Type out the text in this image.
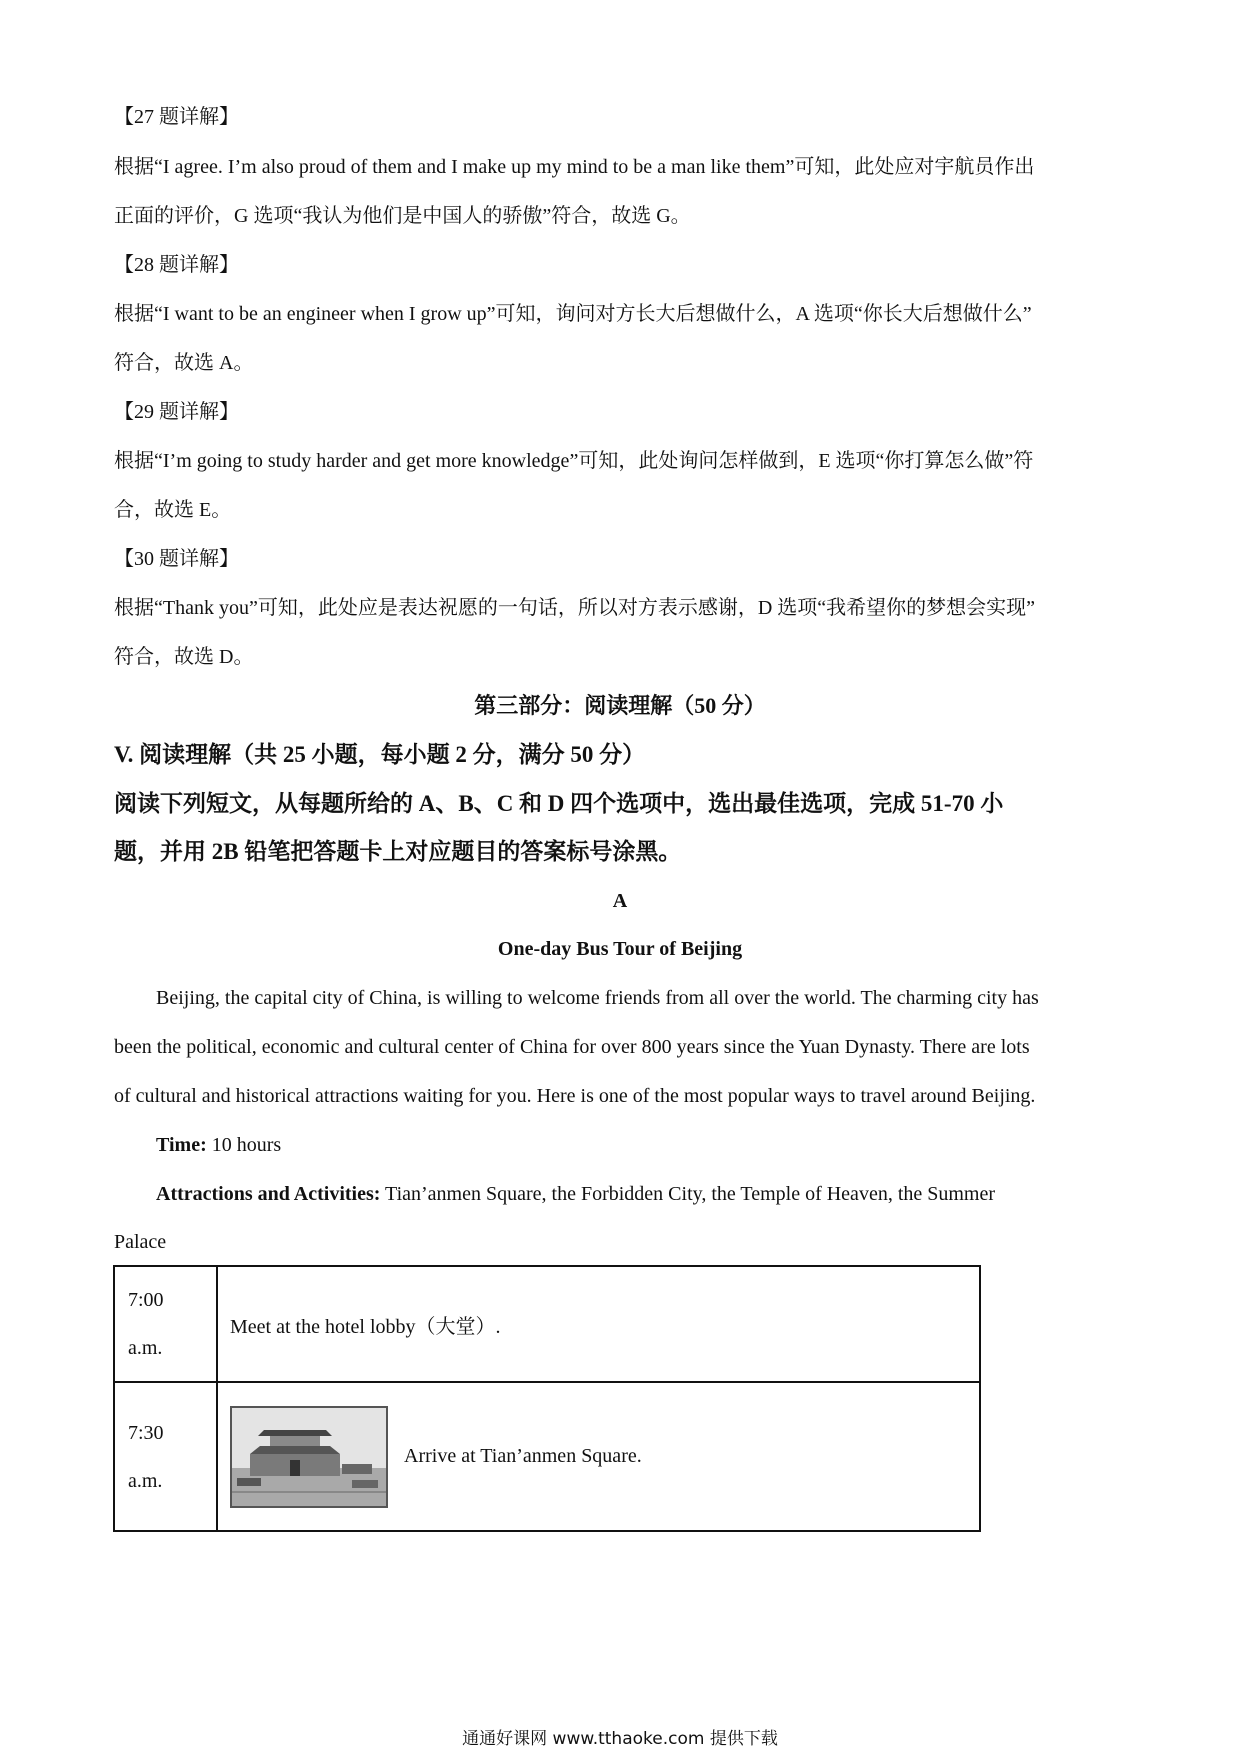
【27 题详解】
根据“I agree. I’m also proud of them and I make up my mind to be a man like them”可知，此处应对宇航员作出
正面的评价，G 选项“我认为他们是中国人的骄傲”符合，故选 G。
【28 题详解】
根据“I want to be an engineer when I grow up”可知，询问对方长大后想做什么，A 选项“你长大后想做什么”
符合，故选 A。
【29 题详解】
根据“I’m going to study harder and get more knowledge”可知，此处询问怎样做到，E 选项“你打算怎么做”符
合，故选 E。
【30 题详解】
根据“Thank you”可知，此处应是表达祝愿的一句话，所以对方表示感谢，D 选项“我希望你的梦想会实现”
符合，故选 D。
第三部分：阅读理解（50 分）
V. 阅读理解（共 25 小题，每小题 2 分，满分 50 分）
阅读下列短文，从每题所给的 A、B、C 和 D 四个选项中，选出最佳选项，完成 51-70 小
题，并用 2B 铅笔把答题卡上对应题目的答案标号涂黑。
A
One-day Bus Tour of Beijing
Beijing, the capital city of China, is willing to welcome friends from all over the world. The charming city has
been the political, economic and cultural center of China for over 800 years since the Yuan Dynasty. There are lots
of cultural and historical attractions waiting for you. Here is one of the most popular ways to travel around Beijing.
Time: 10 hours
Attractions and Activities: Tian’anmen Square, the Forbidden City, the Temple of Heaven, the Summer
Palace
7:00
a.m.	Meet at the hotel lobby（大堂）.

7:30
a.m.	Arrive at Tian’anmen Square.
通通好课网 www.tthaoke.com 提供下载
